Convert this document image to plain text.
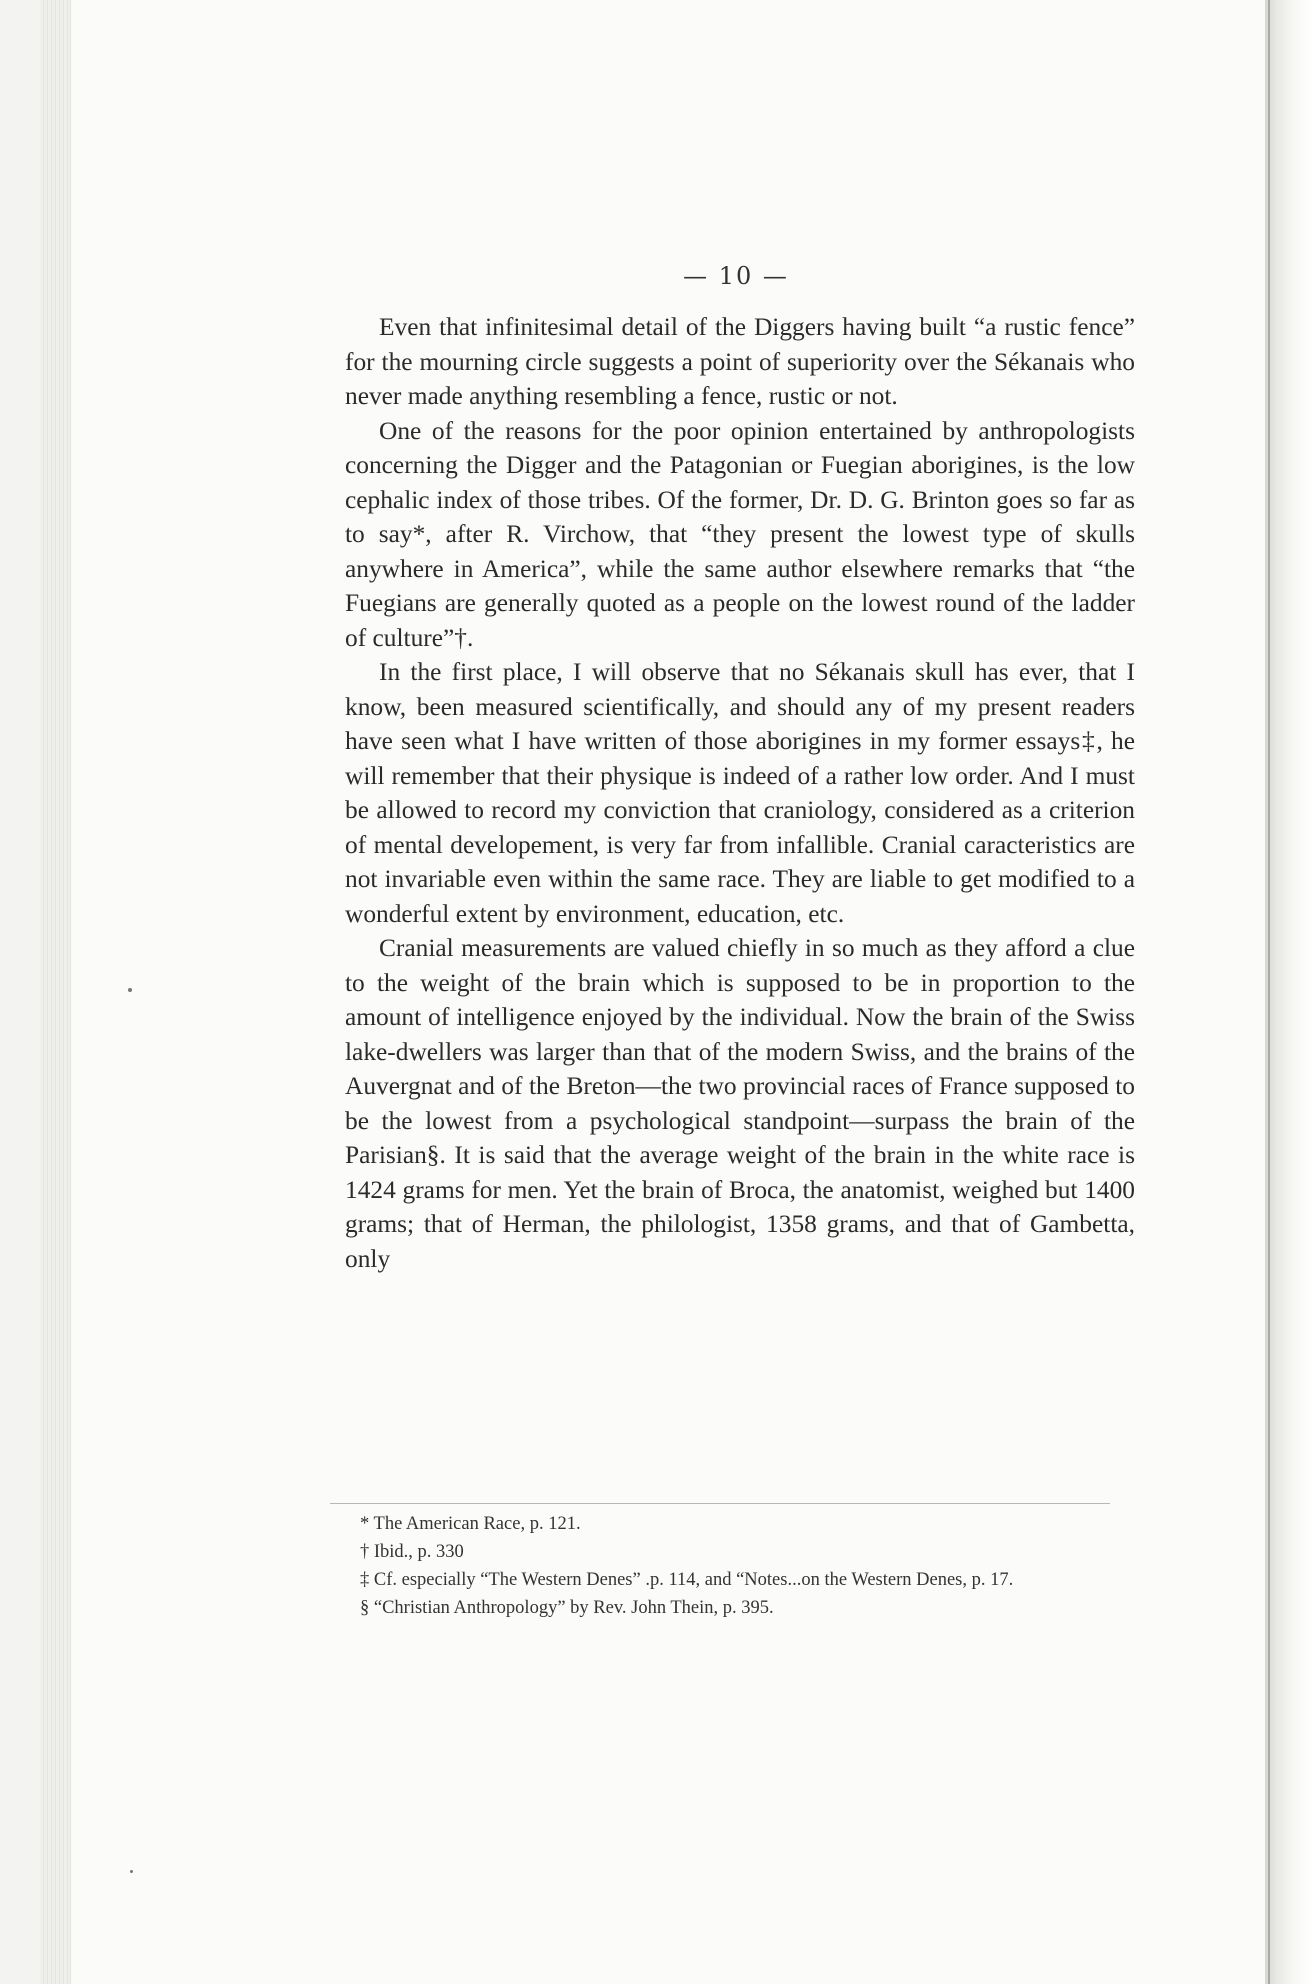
— 10 —

Even that infinitesimal detail of the Diggers having built “a rustic fence” for the mourning circle suggests a point of superiority over the Sékanais who never made anything resembling a fence, rustic or not.

One of the reasons for the poor opinion entertained by anthropologists concerning the Digger and the Patagonian or Fuegian aborigines, is the low cephalic index of those tribes. Of the former, Dr. D. G. Brinton goes so far as to say*, after R. Virchow, that “they present the lowest type of skulls anywhere in America”, while the same author elsewhere remarks that “the Fuegians are generally quoted as a people on the lowest round of the ladder of culture”†.

In the first place, I will observe that no Sékanais skull has ever, that I know, been measured scientifically, and should any of my present readers have seen what I have written of those aborigines in my former essays‡, he will remember that their physique is indeed of a rather low order. And I must be allowed to record my conviction that craniology, considered as a criterion of mental developement, is very far from infallible. Cranial caracteristics are not invariable even within the same race. They are liable to get modified to a wonderful extent by environment, education, etc.

Cranial measurements are valued chiefly in so much as they afford a clue to the weight of the brain which is supposed to be in proportion to the amount of intelligence enjoyed by the individual. Now the brain of the Swiss lake-dwellers was larger than that of the modern Swiss, and the brains of the Auvergnat and of the Breton—the two provincial races of France supposed to be the lowest from a psychological standpoint—surpass the brain of the Parisian§. It is said that the average weight of the brain in the white race is 1424 grams for men. Yet the brain of Broca, the anatomist, weighed but 1400 grams; that of Herman, the philologist, 1358 grams, and that of Gambetta, only

* The American Race, p. 121.

† Ibid., p. 330

‡ Cf. especially “The Western Denes” .p. 114, and “Notes...on the Western Denes, p. 17.

§ “Christian Anthropology” by Rev. John Thein, p. 395.
